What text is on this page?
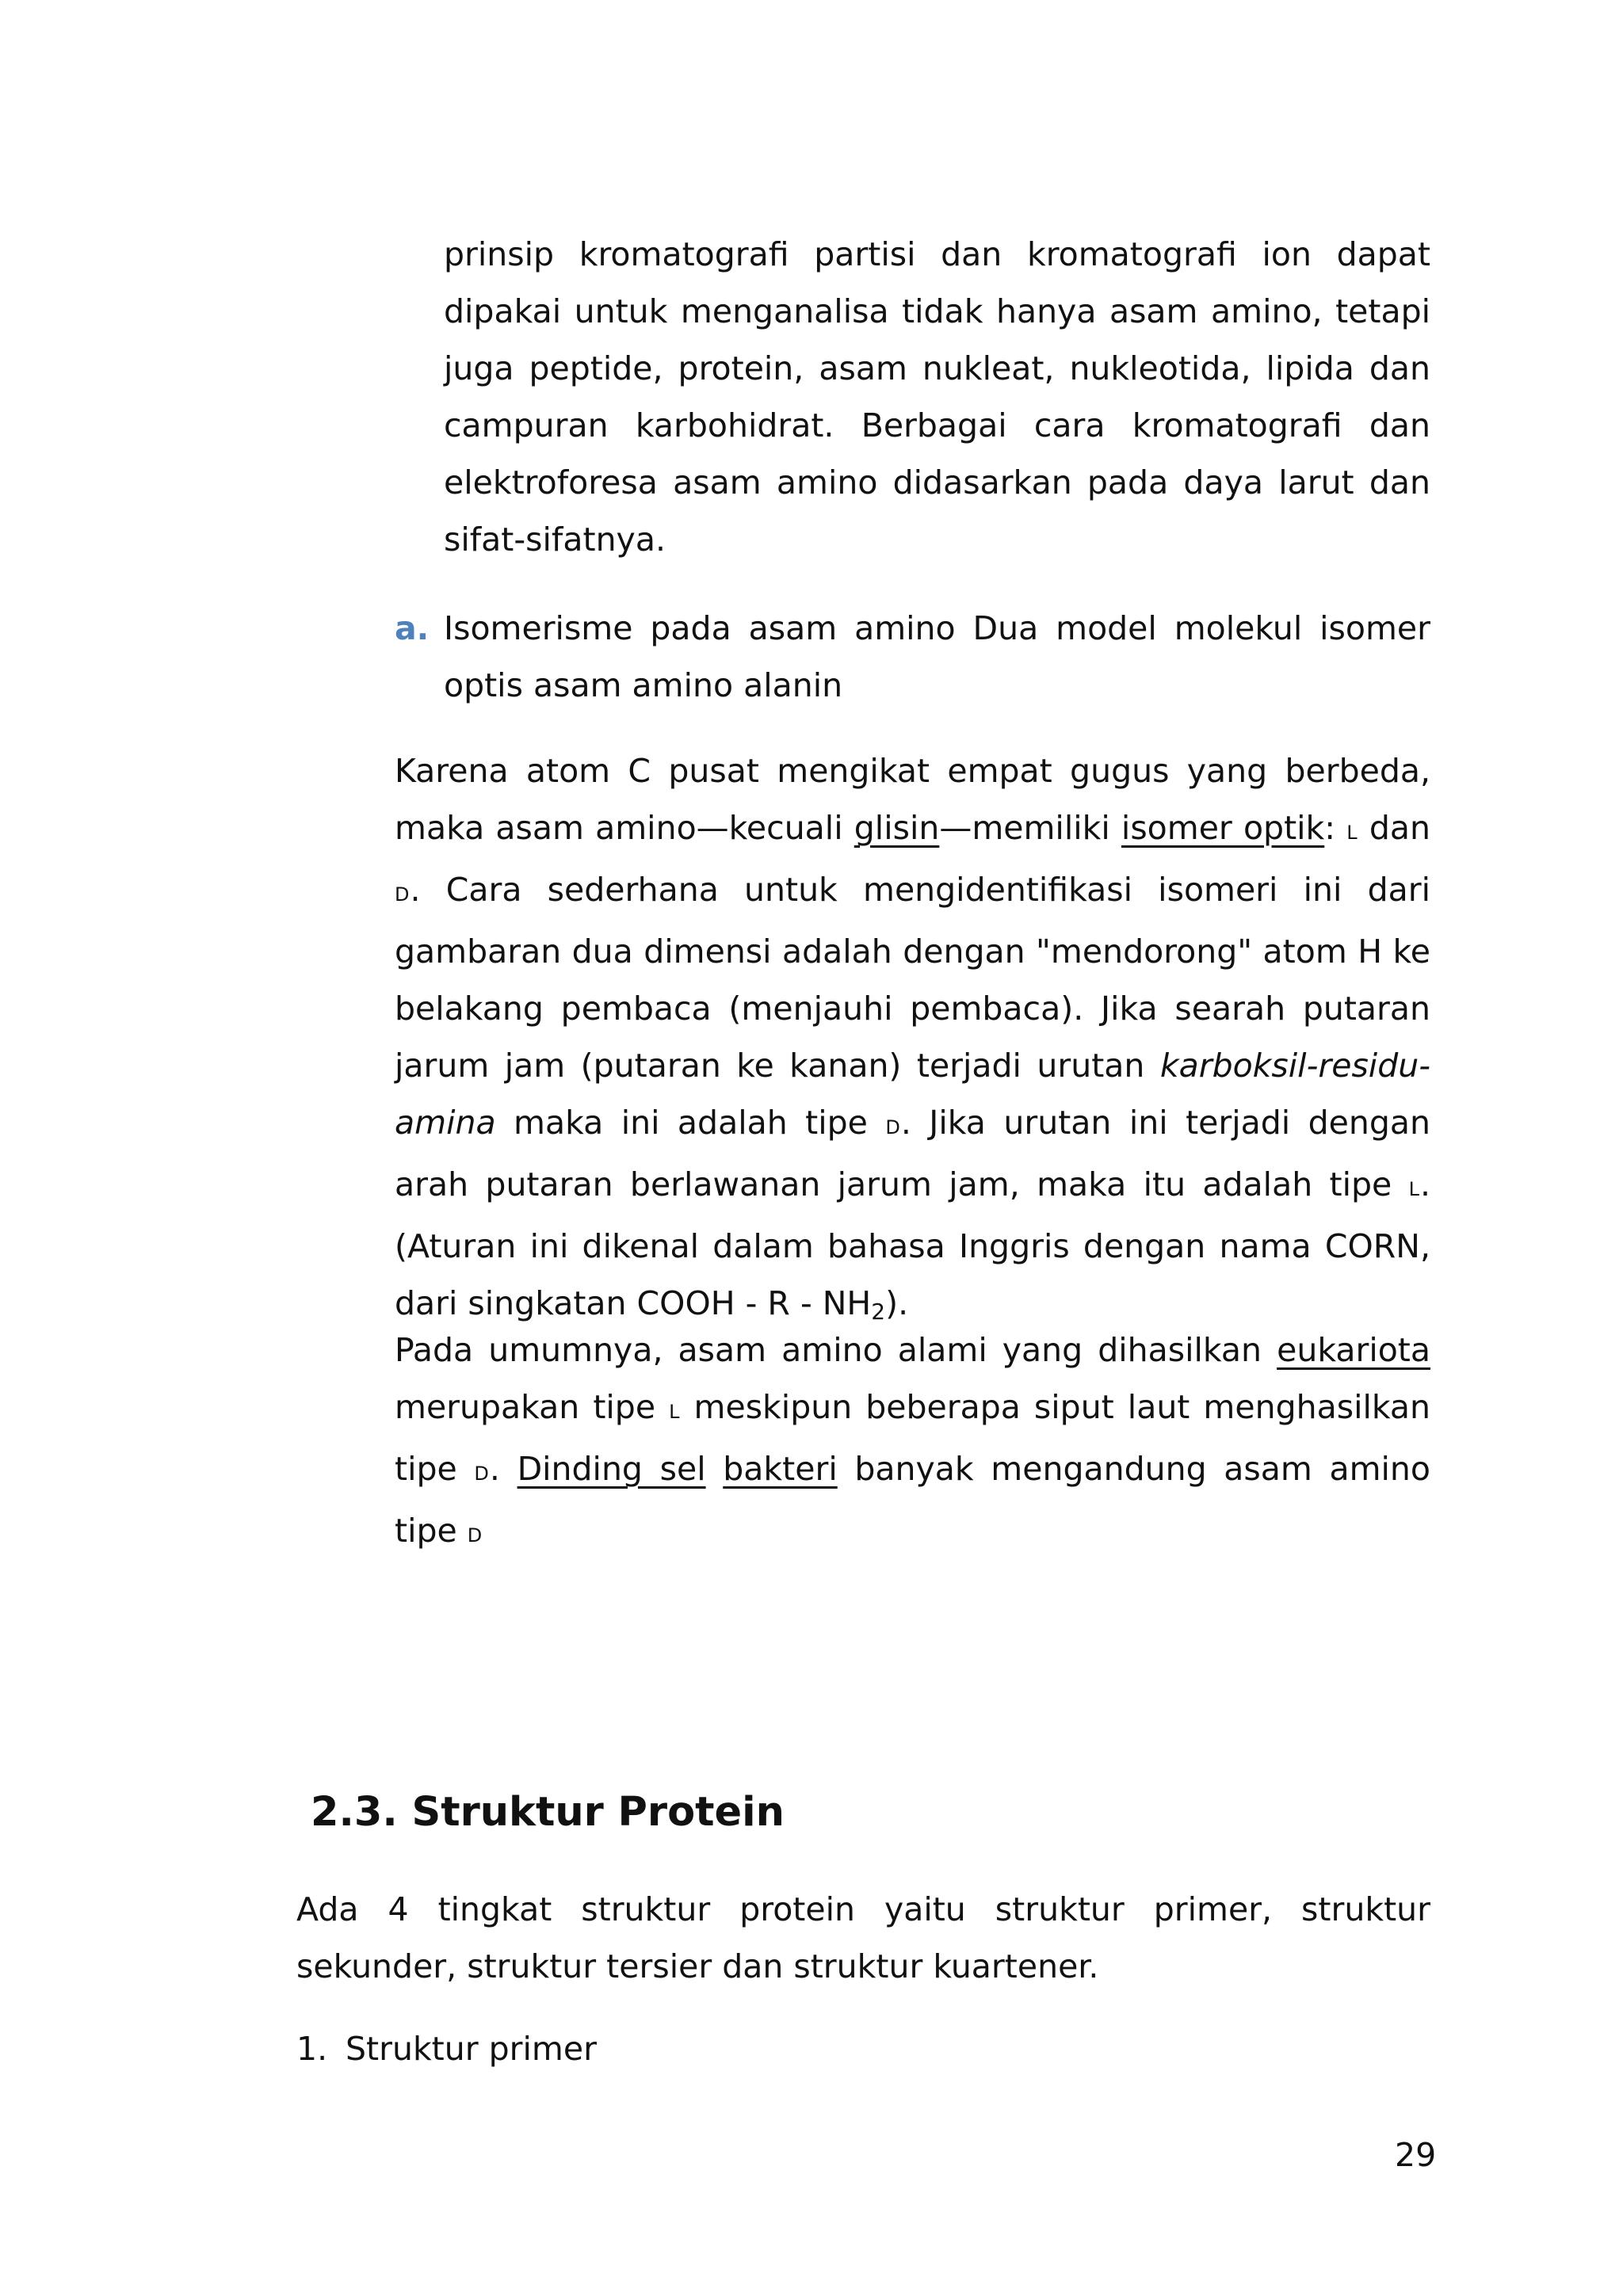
prinsip kromatografi partisi dan kromatografi ion dapat dipakai untuk menganalisa tidak hanya asam amino, tetapi juga peptide, protein, asam nukleat, nukleotida, lipida dan campuran karbohidrat. Berbagai cara kromatografi dan elektroforesa asam amino didasarkan pada daya larut dan sifat-sifatnya.

a. Isomerisme pada asam amino Dua model molekul isomer optis asam amino alanin

Karena atom C pusat mengikat empat gugus yang berbeda, maka asam amino—kecuali glisin—memiliki isomer optik: L dan D. Cara sederhana untuk mengidentifikasi isomeri ini dari gambaran dua dimensi adalah dengan "mendorong" atom H ke belakang pembaca (menjauhi pembaca). Jika searah putaran jarum jam (putaran ke kanan) terjadi urutan karboksil-residu-amina maka ini adalah tipe D. Jika urutan ini terjadi dengan arah putaran berlawanan jarum jam, maka itu adalah tipe L. (Aturan ini dikenal dalam bahasa Inggris dengan nama CORN, dari singkatan COOH - R - $NH_2$).

Pada umumnya, asam amino alami yang dihasilkan eukariota merupakan tipe L meskipun beberapa siput laut menghasilkan tipe D. Dinding sel bakteri banyak mengandung asam amino tipe D

2.3. Struktur Protein

Ada 4 tingkat struktur protein yaitu struktur primer, struktur sekunder, struktur tersier dan struktur kuartener.

1. Struktur primer
29
